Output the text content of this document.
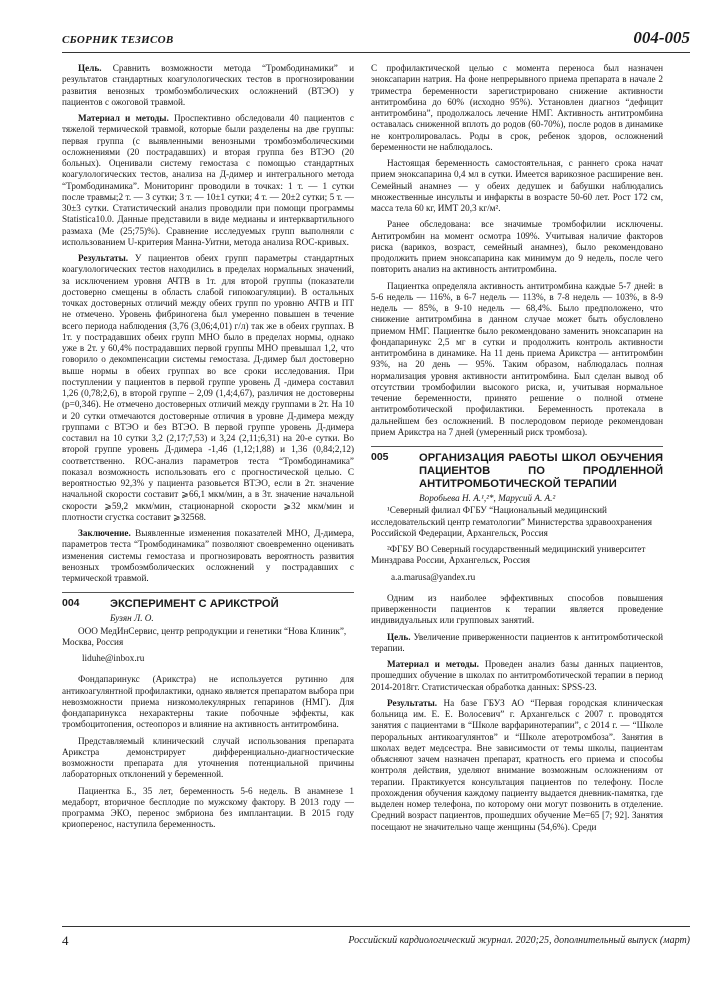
СБОРНИК ТЕЗИСОВ	004-005

Цель. Сравнить возможности метода “Тромбодинамики” и результатов стандартных коагулологических тестов в прогнозировании развития венозных тромбоэмболических осложнений (ВТЭО) у пациентов с ожоговой травмой.

Материал и методы. Проспективно обследовали 40 пациентов с тяжелой термической травмой, которые были разделены на две группы: первая группа (с выявленными венозными тромбоэмболическими осложнениями (20 пострадавших) и вторая группа без ВТЭО (20 больных). Оценивали систему гемостаза с помощью стандартных коагулологических тестов, анализа на Д-димер и интегрального метода “Тромбодинамика”. Мониторинг проводили в точках: 1 т. — 1 сутки после травмы;2 т. — 3 сутки; 3 т. — 10±1 сутки; 4 т. — 20±2 сутки; 5 т. — 30±3 сутки. Статистический анализ проводили при помощи программы Statistica10.0. Данные представили в виде медианы и интерквартильного размаха (Me (25;75)%). Сравнение исследуемых групп выполняли с использованием U-критерия Манна-Уитни, метода анализа ROC-кривых.

Результаты. У пациентов обеих групп параметры стандартных коагулологических тестов находились в пределах нормальных значений, за исключением уровня АЧТВ в 1т. для второй группы (показатели достоверно смещены в область слабой гипокоагуляции). В остальных точках достоверных отличий между обеих групп по уровню АЧТВ и ПТ не отмечено. Уровень фибриногена был умеренно повышен в течение всего периода наблюдения (3,76 (3,06;4,01) г/л) так же в обеих группах. В 1т. у пострадавших обеих групп МНО было в пределах нормы, однако уже в 2т. у 60,4% пострадавших первой группы МНО превышал 1,2, что говорило о декомпенсации системы гемостаза. Д-димер был достоверно выше нормы в обеих группах во все сроки исследования. При поступлении у пациентов в первой группе уровень Д -димера составил 1,26 (0,78;2,6), в второй группе – 2,09 (1,4;4,67), различия не достоверны (p=0,346). Не отмечено достоверных отличий между группами в 2т. На 10 и 20 сутки отмечаются достоверные отличия в уровне Д-димера между группами с ВТЭО и без ВТЭО. В первой группе уровень Д-димера составил на 10 сутки 3,2 (2,17;7,53) и 3,24 (2,11;6,31) на 20-е сутки. Во второй группе уровень Д-димера -1,46 (1,12;1,88) и 1,36 (0,84;2,12) соответственно. ROC-анализ параметров теста “Тромбодинамика” показал возможность использовать его с прогностической целью. С вероятностью 92,3% у пациента разовьется ВТЭО, если в 2т. значение начальной скорости составит ⩾66,1 мкм/мин, а в 3т. значение начальной скорости ⩾59,2 мкм/мин, стационарной скорости ⩾32 мкм/мин и плотности сгустка составит ⩾32568.

Заключение. Выявленные изменения показателей МНО, Д-димера, параметров теста “Тромбодинамика” позволяют своевременно оценивать изменения системы гемостаза и прогнозировать вероятность развития венозных тромбоэмболических осложнений у пострадавших с термической травмой.

004	ЭКСПЕРИМЕНТ С АРИКСТРОЙ
Бузян Л. О.

ООО МедИнСервис, центр репродукции и генетики “Нова Клиник”, Москва, Россия

liduhe@inbox.ru

Фондапаринукс (Арикстра) не используется рутинно для антикоагулянтной профилактики, однако является препаратом выбора при невозможности приема низкомолекулярных гепаринов (НМГ). Для фондапаринукса нехарактерны такие побочные эффекты, как тромбоцитопения, остеопороз и влияние на активность антитромбина.

Представляемый клинический случай использования препарата Арикстра демонстрирует дифференциально-диагностические возможности препарата для уточнения потенциальной причины лабораторных отклонений у беременной.

Пациентка Б., 35 лет, беременность 5-6 недель. В анамнезе 1 медаборт, вторичное бесплодие по мужскому фактору. В 2013 году — программа ЭКО, перенос эмбриона без имплантации. В 2015 году криоперенос, наступила беременность.

С профилактической целью с момента переноса был назначен эноксапарин натрия. На фоне непрерывного приема препарата в начале 2 триместра беременности зарегистрировано снижение активности антитромбина до 60% (исходно 95%). Установлен диагноз “дефицит антитромбина”, продолжалось лечение НМГ. Активность антитромбина оставалась сниженной вплоть до родов (60-70%), после родов в динамике не контролировалась. Роды в срок, ребенок здоров, осложнений беременности не наблюдалось.

Настоящая беременность самостоятельная, с раннего срока начат прием эноксапарина 0,4 мл в сутки. Имеется варикозное расширение вен. Семейный анамнез — у обеих дедушек и бабушки наблюдались множественные инсульты и инфаркты в возрасте 50-60 лет. Рост 172 см, масса тела 60 кг, ИМТ 20,3 кг/м².

Ранее обследована: все значимые тромбофилии исключены. Антитромбин на момент осмотра 109%. Учитывая наличие факторов риска (варикоз, возраст, семейный анамнез), было рекомендовано продолжить прием эноксапарина как минимум до 9 недель, после чего повторить анализ на активность антитромбина.

Пациентка определяла активность антитромбина каждые 5-7 дней: в 5-6 недель — 116%, в 6-7 недель — 113%, в 7-8 недель — 103%, в 8-9 недель — 85%, в 9-10 недель — 68,4%. Было предположено, что снижение антитромбина в данном случае может быть обусловлено приемом НМГ. Пациентке было рекомендовано заменить эноксапарин на фондапаринукс 2,5 мг в сутки и продолжить контроль активности антитромбина в динамике. На 11 день приема Арикстра — антитромбин 93%, на 20 день — 95%. Таким образом, наблюдалась полная нормализация уровня активности антитромбина. Был сделан вывод об отсутствии тромбофилии высокого риска, и, учитывая нормальное течение беременности, принято решение о полной отмене антитромботической профилактики. Беременность протекала в дальнейшем без осложнений. В послеродовом периоде рекомендован прием Арикстра на 7 дней (умеренный риск тромбоза).

005	ОРГАНИЗАЦИЯ РАБОТЫ ШКОЛ ОБУЧЕНИЯ ПАЦИЕНТОВ ПО ПРОДЛЕННОЙ АНТИТРОМБОТИЧЕСКОЙ ТЕРАПИИ
Воробьева Н. А.¹,²*, Марусий А. А.²

¹Северный филиал ФГБУ “Национальный медицинский исследовательский центр гематологии” Министерства здравоохранения Российской Федерации, Архангельск, Россия

²ФГБУ ВО Северный государственный медицинский университет Минздрава России, Архангельск, Россия

a.a.marusa@yandex.ru

Одним из наиболее эффективных способов повышения приверженности пациентов к терапии является проведение индивидуальных или групповых занятий.

Цель. Увеличение приверженности пациентов к антитромботической терапии.

Материал и методы. Проведен анализ базы данных пациентов, прошедших обучение в школах по антитромботической терапии в период 2014-2018гг. Статистическая обработка данных: SPSS-23.

Результаты. На базе ГБУЗ АО “Первая городская клиническая больница им. Е. Е. Волосевич” г. Архангельск с 2007 г. проводятся занятия с пациентами в “Школе варфаринотерапии”, с 2014 г. — “Школе пероральных антикоагулянтов” и “Школе атеротромбоза”. Занятия в школах ведет медсестра. Вне зависимости от темы школы, пациентам объясняют зачем назначен препарат, кратность его приема и способы контроля действия, уделяют внимание возможным осложнениям от терапии. Практикуется консультация пациентов по телефону. После прохождения обучения каждому пациенту выдается дневник-памятка, где выделен номер телефона, по которому они могут позвонить в отделение. Средний возраст пациентов, прошедших обучение Ме=65 [7; 92]. Занятия посещают не значительно чаще женщины (54,6%). Среди

4	Российский кардиологический журнал. 2020;25, дополнительный выпуск (март)
